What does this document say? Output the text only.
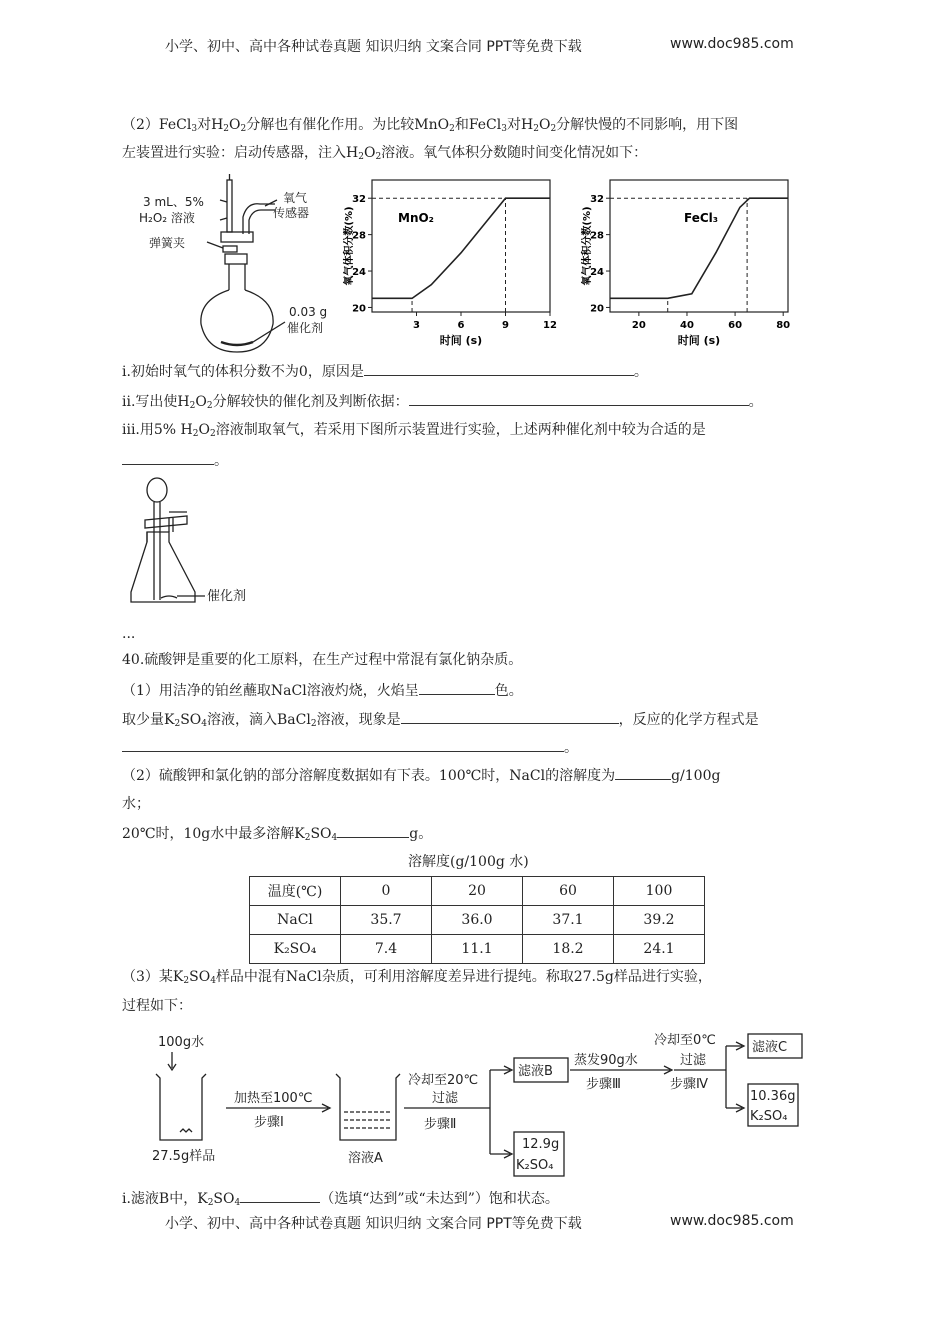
小学、初中、高中各种试卷真题 知识归纳 文案合同 PPT等免费下载	www.doc985.com
小学、初中、高中各种试卷真题 知识归纳 文案合同 PPT等免费下载	www.doc985.com
（2）FeCl$_3$对$H_2O_2$分解也有催化作用。为比较MnO$_2$和FeCl$_3$对$H_2O_2$分解快慢的不同影响，用下图
左装置进行实验：启动传感器，注入$H_2O_2$溶液。氧气体积分数随时间变化情况如下：
3 mL、5%
H₂O₂ 溶液
氧气
传感器
弹簧夹
0.03 g
催化剂	3	6	9	12
20
24
28
32
MnO₂
时间 (s)
氧气体积分数(%)
20	40	60	80
20
24
28
32
FeCl₃
时间 (s)
氧气体积分数(%)
i.初始时氧气的体积分数不为0，原因是	。
ii.写出使$H_2O_2$分解较快的催化剂及判断依据：	。
iii.用5% $H_2O_2$溶液制取氧气，若采用下图所示装置进行实验，上述两种催化剂中较为合适的是
。
催化剂
...
40.硫酸钾是重要的化工原料，在生产过程中常混有氯化钠杂质。
（1）用洁净的铂丝蘸取NaCl溶液灼烧，火焰呈	色。
取少量$K_2SO_4$溶液，滴入BaCl$_2$溶液，现象是	，反应的化学方程式是
。
（2）硫酸钾和氯化钠的部分溶解度数据如有下表。100℃时，NaCl的溶解度为	g/100g
水；
20℃时，10g水中最多溶解$K_2SO_4$	g。
溶解度(g/100g 水)
温度(℃)	0	20	60	100
NaCl	35.7	36.0	37.1	39.2
K₂SO₄	7.4	11.1	18.2	24.1
（3）某$K_2SO_4$样品中混有NaCl杂质，可利用溶解度差异进行提纯。称取27.5g样品进行实验，
过程如下：
100g水
27.5g样品
加热至100℃
步骤Ⅰ
溶液A
冷却至20℃
过滤
步骤Ⅱ
滤液B
12.9g
K₂SO₄
蒸发90g水
步骤Ⅲ
冷却至0℃
过滤
步骤Ⅳ
滤液C
10.36g
K₂SO₄
i.滤液B中，$K_2SO_4$	（选填“达到”或“未达到”）饱和状态。
